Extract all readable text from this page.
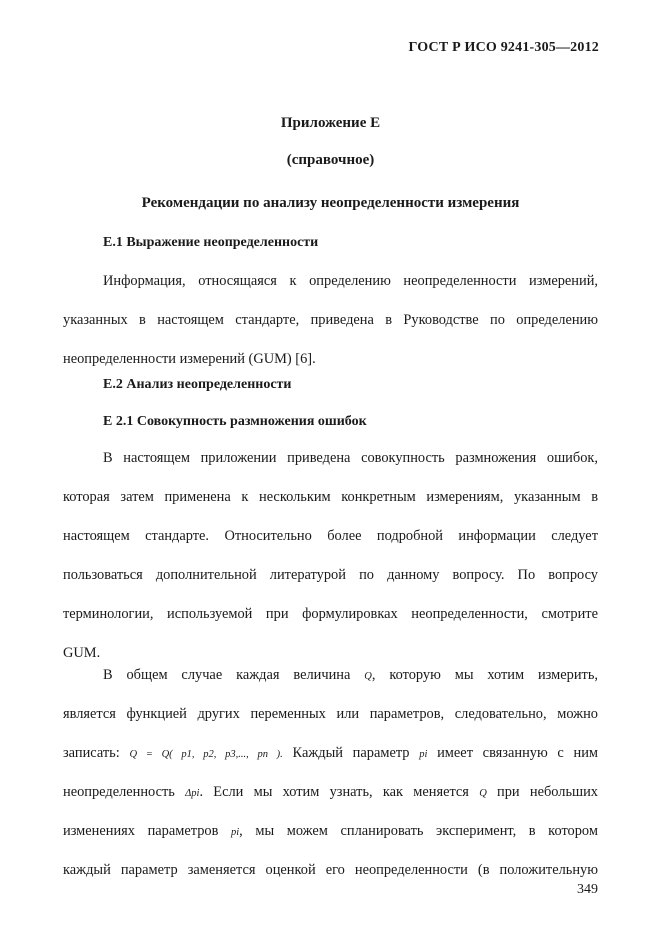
ГОСТ Р ИСО 9241-305—2012
Приложение Е
(справочное)
Рекомендации по анализу неопределенности измерения
Е.1 Выражение неопределенности
Информация, относящаяся к определению неопределенности измерений,
указанных в настоящем стандарте, приведена в Руководстве по определению
неопределенности измерений (GUM) [6].
Е.2 Анализ неопределенности
Е 2.1 Совокупность размножения ошибок
В настоящем приложении приведена совокупность размножения ошибок,
которая затем применена к нескольким конкретным измерениям, указанным в
настоящем стандарте. Относительно более подробной информации следует
пользоваться дополнительной литературой по данному вопросу. По вопросу
терминологии, используемой при формулировках неопределенности, смотрите
GUM.
В общем случае каждая величина Q, которую мы хотим измерить,
является функцией других переменных или параметров, следовательно, можно
записать: Q = Q( p1, p2, p3,..., pn ). Каждый параметр pi имеет связанную с ним
неопределенность Δpi. Если мы хотим узнать, как меняется Q при небольших
изменениях параметров pi, мы можем спланировать эксперимент, в котором
каждый параметр заменяется оценкой его неопределенности (в положительную
349
